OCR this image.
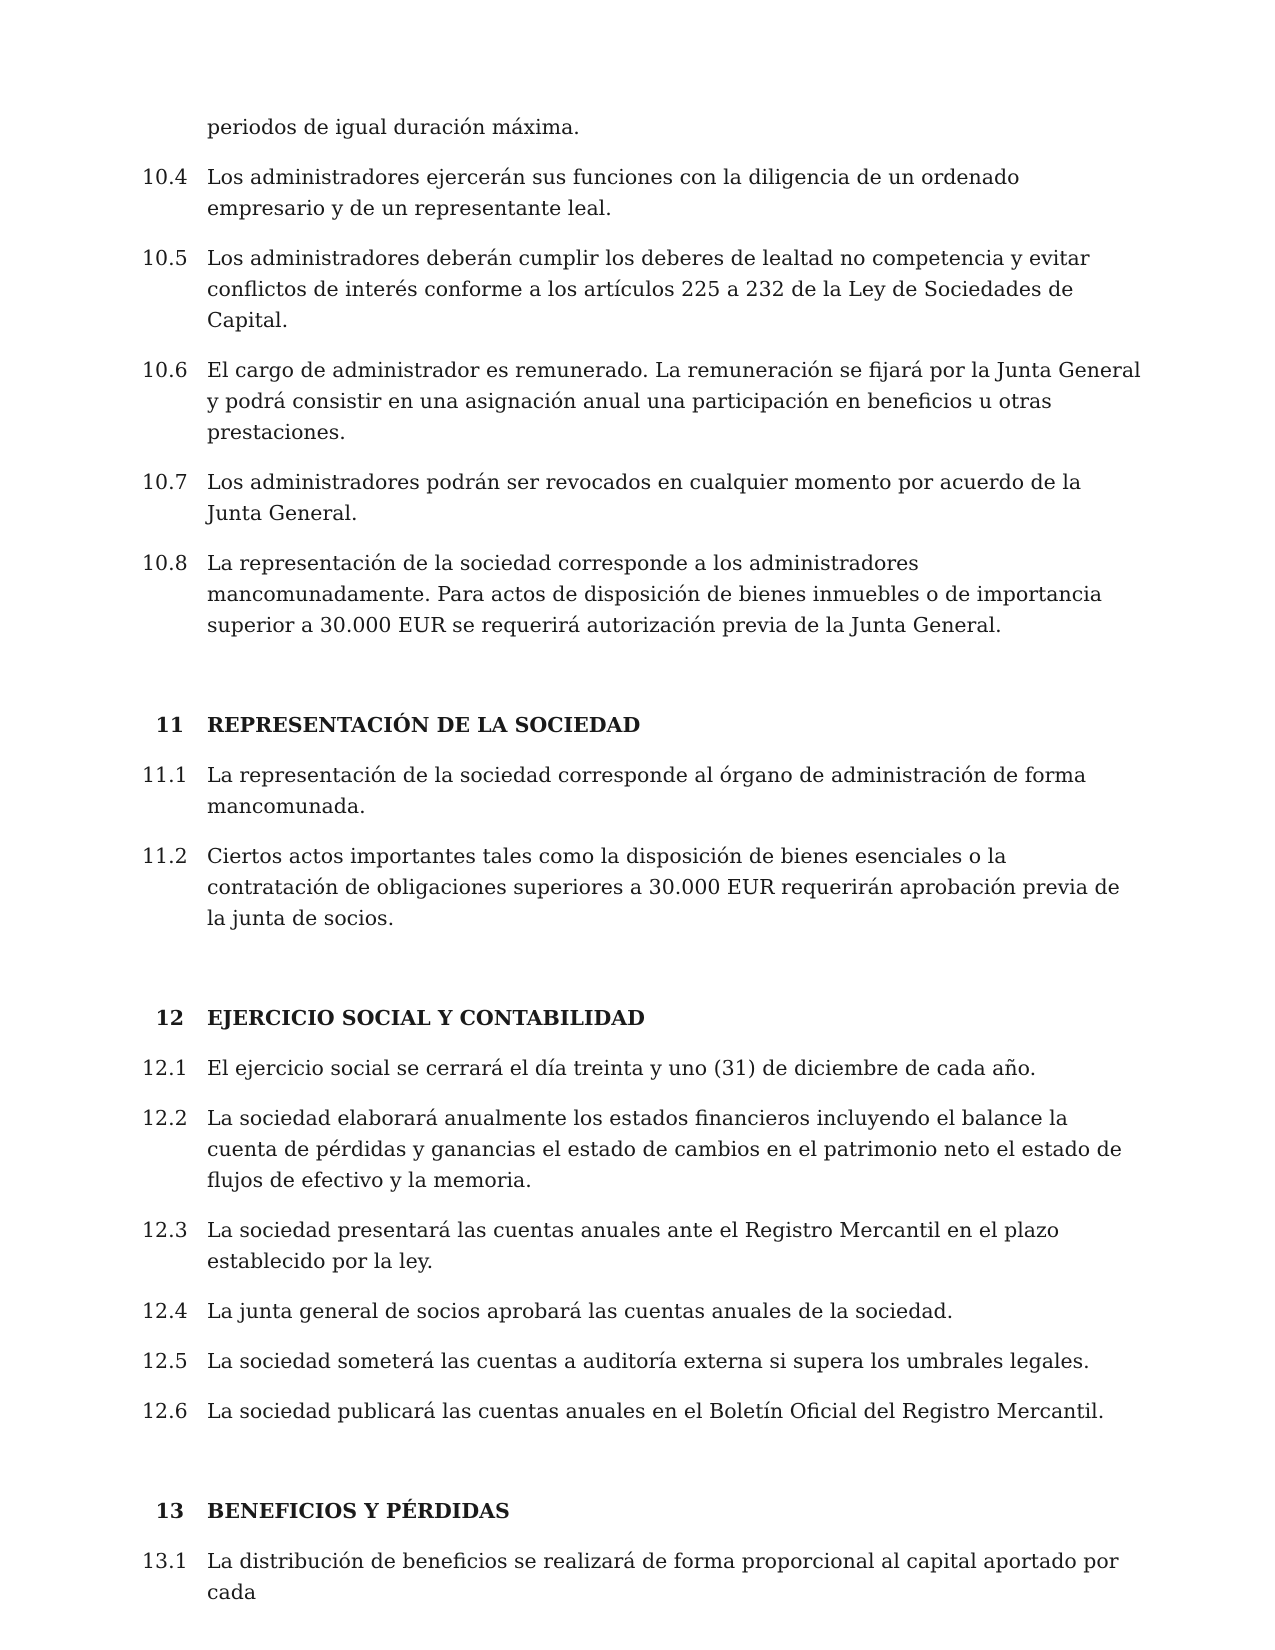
periodos de igual duración máxima.
10.4 Los administradores ejercerán sus funciones con la diligencia de un ordenado empresario y de un representante leal.
10.5 Los administradores deberán cumplir los deberes de lealtad no competencia y evitar conflictos de interés conforme a los artículos 225 a 232 de la Ley de Sociedades de Capital.
10.6 El cargo de administrador es remunerado. La remuneración se fijará por la Junta General y podrá consistir en una asignación anual una participación en beneficios u otras prestaciones.
10.7 Los administradores podrán ser revocados en cualquier momento por acuerdo de la Junta General.
10.8 La representación de la sociedad corresponde a los administradores mancomunadamente. Para actos de disposición de bienes inmuebles o de importancia superior a 30.000 EUR se requerirá autorización previa de la Junta General.
11	REPRESENTACIÓN DE LA SOCIEDAD
11.1 La representación de la sociedad corresponde al órgano de administración de forma mancomunada.
11.2 Ciertos actos importantes tales como la disposición de bienes esenciales o la contratación de obligaciones superiores a 30.000 EUR requerirán aprobación previa de la junta de socios.
12	EJERCICIO SOCIAL Y CONTABILIDAD
12.1 El ejercicio social se cerrará el día treinta y uno (31) de diciembre de cada año.
12.2 La sociedad elaborará anualmente los estados financieros incluyendo el balance la cuenta de pérdidas y ganancias el estado de cambios en el patrimonio neto el estado de flujos de efectivo y la memoria.
12.3 La sociedad presentará las cuentas anuales ante el Registro Mercantil en el plazo establecido por la ley.
12.4 La junta general de socios aprobará las cuentas anuales de la sociedad.
12.5 La sociedad someterá las cuentas a auditoría externa si supera los umbrales legales.
12.6 La sociedad publicará las cuentas anuales en el Boletín Oficial del Registro Mercantil.
13	BENEFICIOS Y PÉRDIDAS
13.1 La distribución de beneficios se realizará de forma proporcional al capital aportado por cada
